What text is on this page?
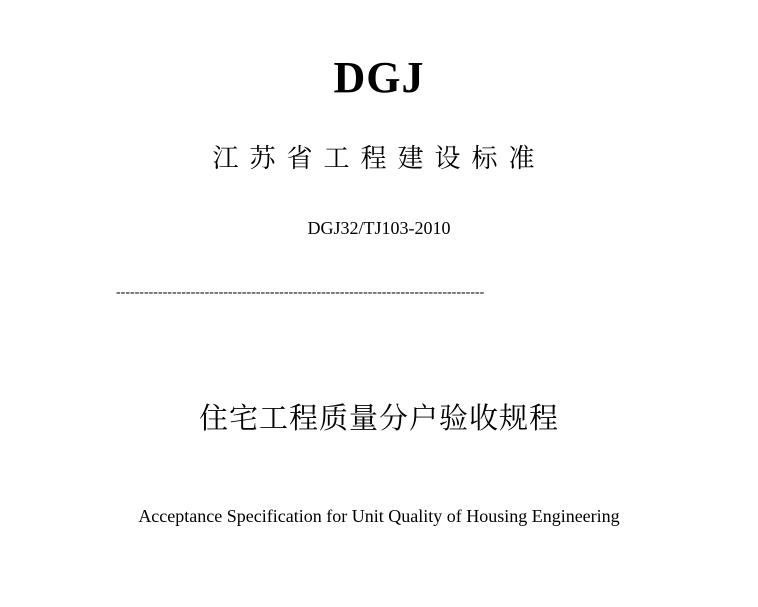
DGJ
江苏省工程建设标准
DGJ32/TJ103-2010
-------------------------------------------------------------------------------
住宅工程质量分户验收规程
Acceptance Specification for Unit Quality of Housing Engineering
